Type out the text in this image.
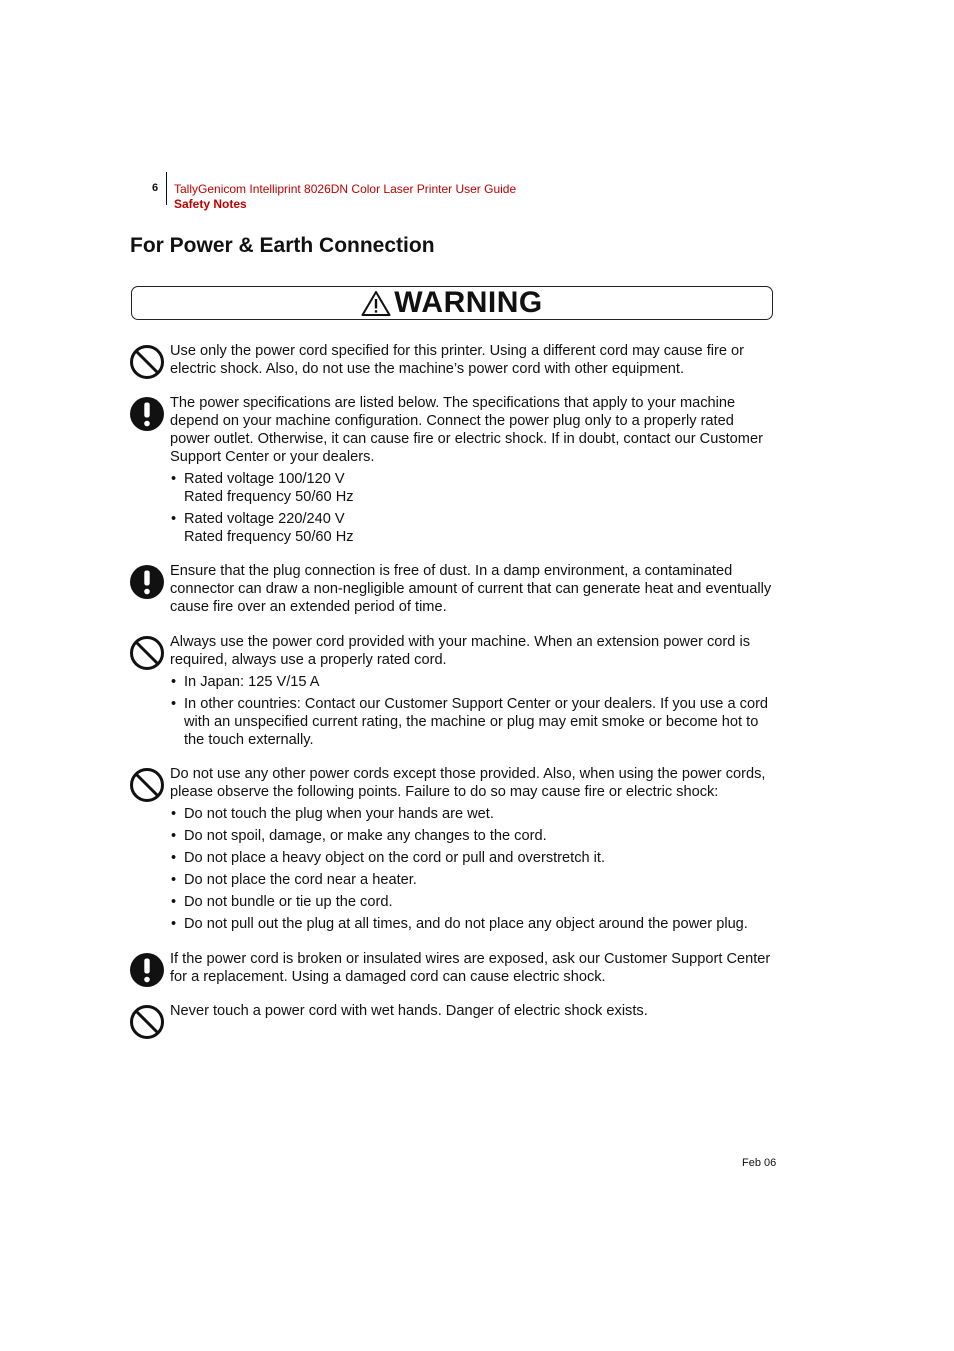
6 TallyGenicom Intelliprint 8026DN Color Laser Printer User Guide
Safety Notes
For Power & Earth Connection
WARNING

Use only the power cord specified for this printer. Using a different cord may cause fire or electric shock. Also, do not use the machine’s power cord with other equipment.

The power specifications are listed below. The specifications that apply to your machine depend on your machine configuration. Connect the power plug only to a properly rated power outlet. Otherwise, it can cause fire or electric shock. If in doubt, contact our Customer Support Center or your dealers.

• Rated voltage 100/120 V
Rated frequency 50/60 Hz
• Rated voltage 220/240 V
Rated frequency 50/60 Hz

Ensure that the plug connection is free of dust. In a damp environment, a contaminated connector can draw a non-negligible amount of current that can generate heat and eventually cause fire over an extended period of time.

Always use the power cord provided with your machine. When an extension power cord is required, always use a properly rated cord.

• In Japan: 125 V/15 A
• In other countries: Contact our Customer Support Center or your dealers. If you use a cord with an unspecified current rating, the machine or plug may emit smoke or become hot to the touch externally.

Do not use any other power cords except those provided. Also, when using the power cords, please observe the following points. Failure to do so may cause fire or electric shock:

• Do not touch the plug when your hands are wet.
• Do not spoil, damage, or make any changes to the cord.
• Do not place a heavy object on the cord or pull and overstretch it.
• Do not place the cord near a heater.
• Do not bundle or tie up the cord.
• Do not pull out the plug at all times, and do not place any object around the power plug.

If the power cord is broken or insulated wires are exposed, ask our Customer Support Center for a replacement. Using a damaged cord can cause electric shock.

Never touch a power cord with wet hands. Danger of electric shock exists.

Feb 06
